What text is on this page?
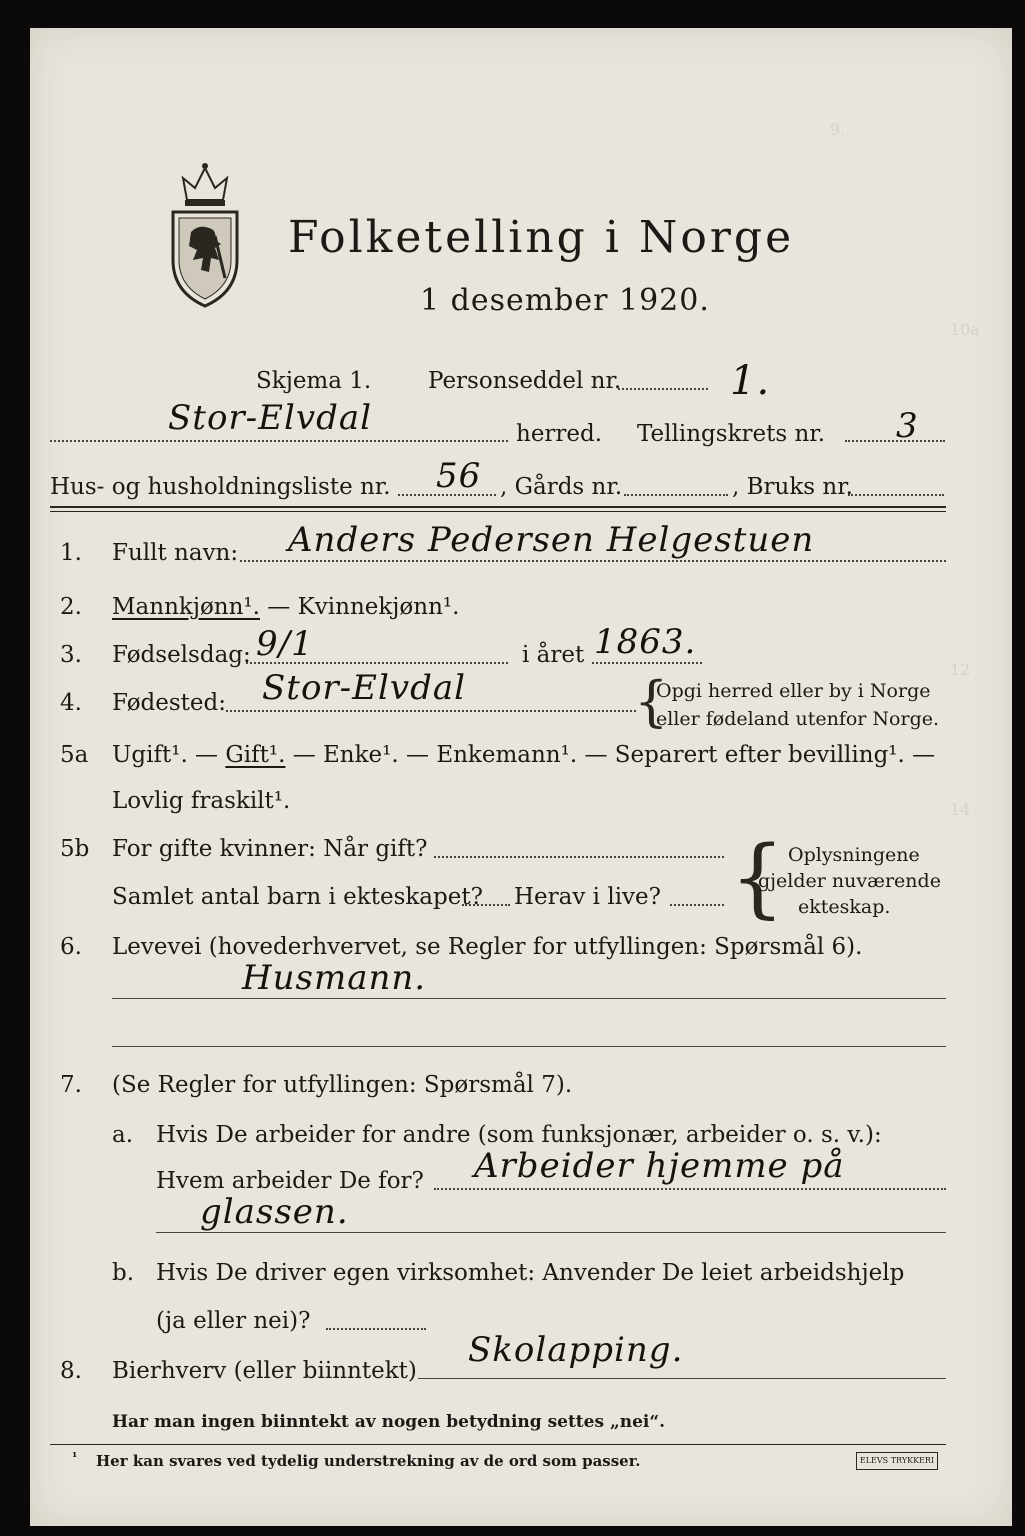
9.
10a
12
14
Folketelling i Norge
1 desember 1920.
Skjema 1. Personseddel nr.	1.
Stor-Elvdal	herred. Tellingskrets nr. 3
Hus- og husholdningsliste nr. 56 , Gårds nr.	, Bruks nr.
1. Fullt navn: Anders Pedersen Helgestuen
2. Mannkjønn¹. — Kvinnekjønn¹.
3. Fødselsdag: 9/1	i året 1863.
4. Fødested: Stor-Elvdal	{
Opgi herred eller by i Norge
eller fødeland utenfor Norge.
5a Ugift¹. — Gift¹. — Enke¹. — Enkemann¹. — Separert efter bevilling¹. —
Lovlig fraskilt¹.
5b For gifte kvinner: Når gift?
Samlet antal barn i ekteskapet? Herav i live? { Oplysningene
gjelder nuværende
ekteskap.
6. Levevei (hovederhvervet, se Regler for utfyllingen: Spørsmål 6).
Husmann.
7. (Se Regler for utfyllingen: Spørsmål 7).
a. Hvis De arbeider for andre (som funksjonær, arbeider o. s. v.):
Hvem arbeider De for? Arbeider hjemme på
glassen.
b. Hvis De driver egen virksomhet: Anvender De leiet arbeidshjelp
(ja eller nei)?
8. Bierhverv (eller biinntekt)
Skolapping.
Har man ingen biinntekt av nogen betydning settes „nei“.
¹ Her kan svares ved tydelig understrekning av de ord som passer.	ELEVS TRYKKERI
